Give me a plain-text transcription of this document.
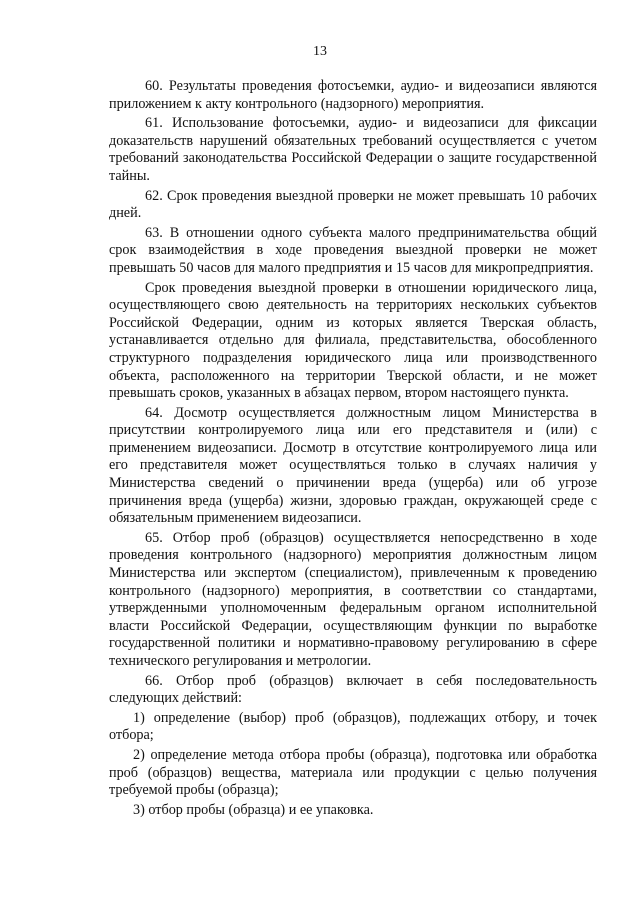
13

60. Результаты проведения фотосъемки, аудио- и видеозаписи являются приложением к акту контрольного (надзорного) мероприятия.

61. Использование фотосъемки, аудио- и видеозаписи для фиксации доказательств нарушений обязательных требований осуществляется с учетом требований законодательства Российской Федерации о защите государственной тайны.

62. Срок проведения выездной проверки не может превышать 10 рабочих дней.

63. В отношении одного субъекта малого предпринимательства общий срок взаимодействия в ходе проведения выездной проверки не может превышать 50 часов для малого предприятия и 15 часов для микропредприятия.

Срок проведения выездной проверки в отношении юридического лица, осуществляющего свою деятельность на территориях нескольких субъектов Российской Федерации, одним из которых является Тверская область, устанавливается отдельно для филиала, представительства, обособленного структурного подразделения юридического лица или производственного объекта, расположенного на территории Тверской области, и не может превышать сроков, указанных в абзацах первом, втором настоящего пункта.

64. Досмотр осуществляется должностным лицом Министерства в присутствии контролируемого лица или его представителя и (или) с применением видеозаписи. Досмотр в отсутствие контролируемого лица или его представителя может осуществляться только в случаях наличия у Министерства сведений о причинении вреда (ущерба) или об угрозе причинения вреда (ущерба) жизни, здоровью граждан, окружающей среде с обязательным применением видеозаписи.

65. Отбор проб (образцов) осуществляется непосредственно в ходе проведения контрольного (надзорного) мероприятия должностным лицом Министерства или экспертом (специалистом), привлеченным к проведению контрольного (надзорного) мероприятия, в соответствии со стандартами, утвержденными уполномоченным федеральным органом исполнительной власти Российской Федерации, осуществляющим функции по выработке государственной политики и нормативно-правовому регулированию в сфере технического регулирования и метрологии.

66. Отбор проб (образцов) включает в себя последовательность следующих действий:

1) определение (выбор) проб (образцов), подлежащих отбору, и точек отбора;

2) определение метода отбора пробы (образца), подготовка или обработка проб (образцов) вещества, материала или продукции с целью получения требуемой пробы (образца);

3) отбор пробы (образца) и ее упаковка.
